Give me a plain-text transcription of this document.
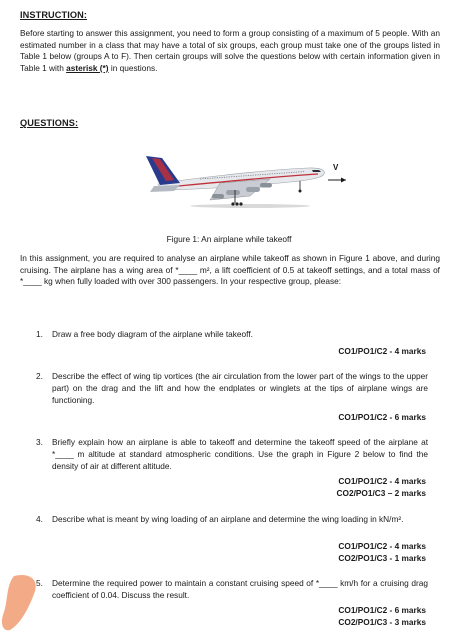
INSTRUCTION:
Before starting to answer this assignment, you need to form a group consisting of a maximum of 5 people. With an estimated number in a class that may have a total of six groups, each group must take one of the groups listed in Table 1 below (groups A to F). Then certain groups will solve the questions below with certain information given in Table 1 with asterisk (*) in questions.
QUESTIONS:
V
Figure 1: An airplane while takeoff
In this assignment, you are required to analyse an airplane while takeoff as shown in Figure 1 above, and during cruising. The airplane has a wing area of *____ m², a lift coefficient of 0.5 at takeoff settings, and a total mass of *____ kg when fully loaded with over 300 passengers. In your respective group, please:
1. Draw a free body diagram of the airplane while takeoff.
CO1/PO1/C2 - 4 marks
2. Describe the effect of wing tip vortices (the air circulation from the lower part of the wings to the upper part) on the drag and the lift and how the endplates or winglets at the tips of airplane wings are functioning.
CO1/PO1/C2 - 6 marks
3. Briefly explain how an airplane is able to takeoff and determine the takeoff speed of the airplane at *____ m altitude at standard atmospheric conditions. Use the graph in Figure 2 below to find the density of air at different altitude.
CO1/PO1/C2 - 4 marks
CO2/PO1/C3 – 2 marks
4. Describe what is meant by wing loading of an airplane and determine the wing loading in kN/m².
CO1/PO1/C2 - 4 marks
CO2/PO1/C3 - 1 marks
5. Determine the required power to maintain a constant cruising speed of *____ km/h for a cruising drag coefficient of 0.04. Discuss the result.
CO1/PO1/C2 - 6 marks
CO2/PO1/C3 - 3 marks
